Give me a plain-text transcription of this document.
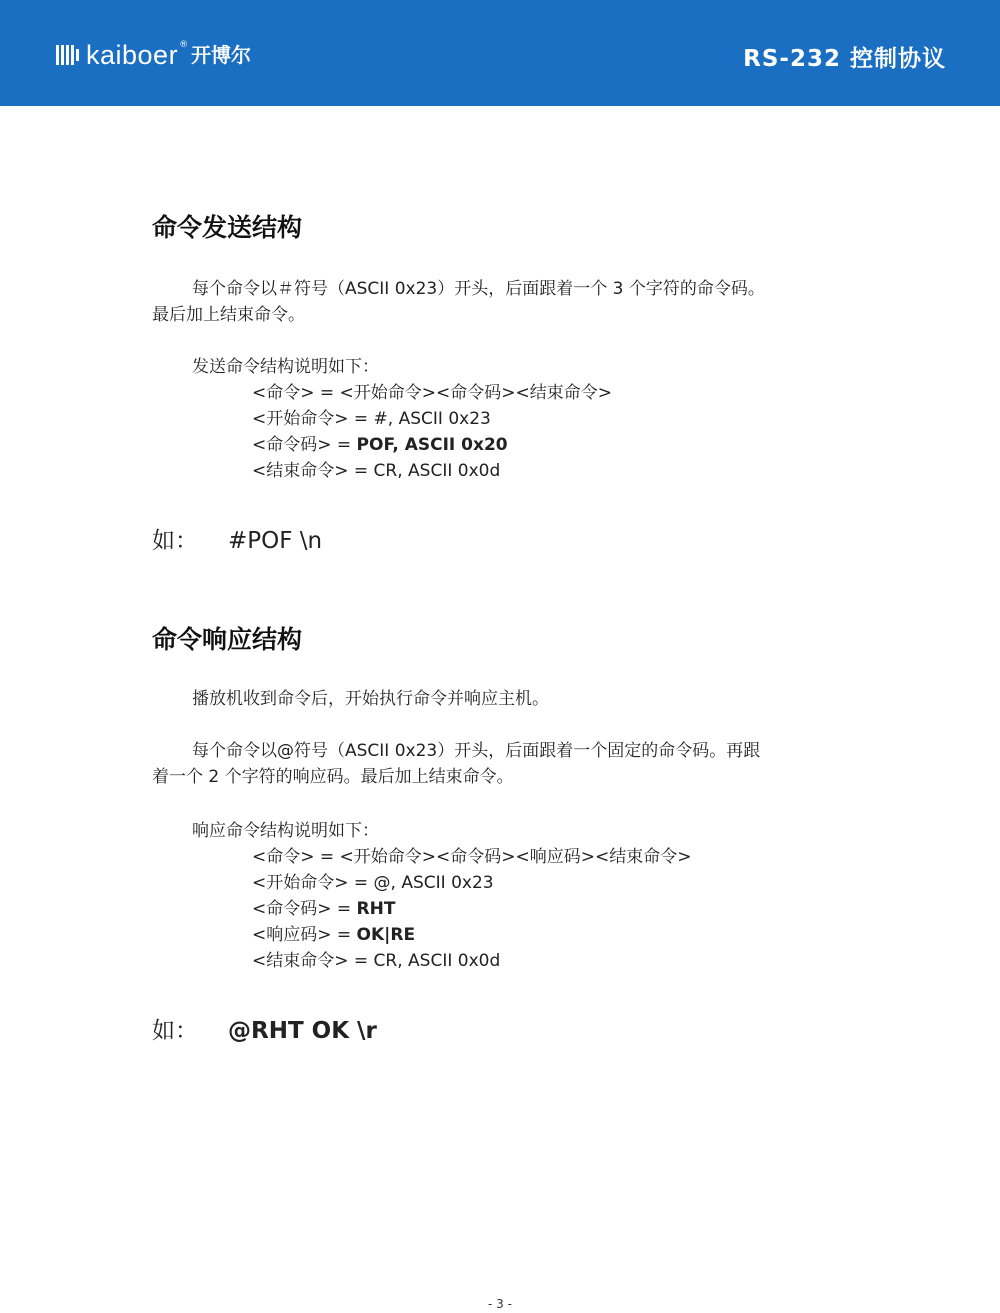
kaiboer ® 开博尔	RS-232 控制协议
命令发送结构

每个命令以＃符号（ASCII 0x23）开头，后面跟着一个 3 个字符的命令码。

最后加上结束命令。

发送命令结构说明如下：

<命令> = <开始命令><命令码><结束命令>

<开始命令> = #, ASCII 0x23

<命令码> = POF, ASCII 0x20

<结束命令> = CR, ASCII 0x0d

如： #POF \n
命令响应结构

播放机收到命令后，开始执行命令并响应主机。

每个命令以@符号（ASCII 0x23）开头，后面跟着一个固定的命令码。再跟

着一个 2 个字符的响应码。最后加上结束命令。

响应命令结构说明如下：

<命令> = <开始命令><命令码><响应码><结束命令>

<开始命令> = @, ASCII 0x23

<命令码> = RHT

<响应码> = OK|RE

<结束命令> = CR, ASCII 0x0d

如： @RHT OK \r
- 3 -
